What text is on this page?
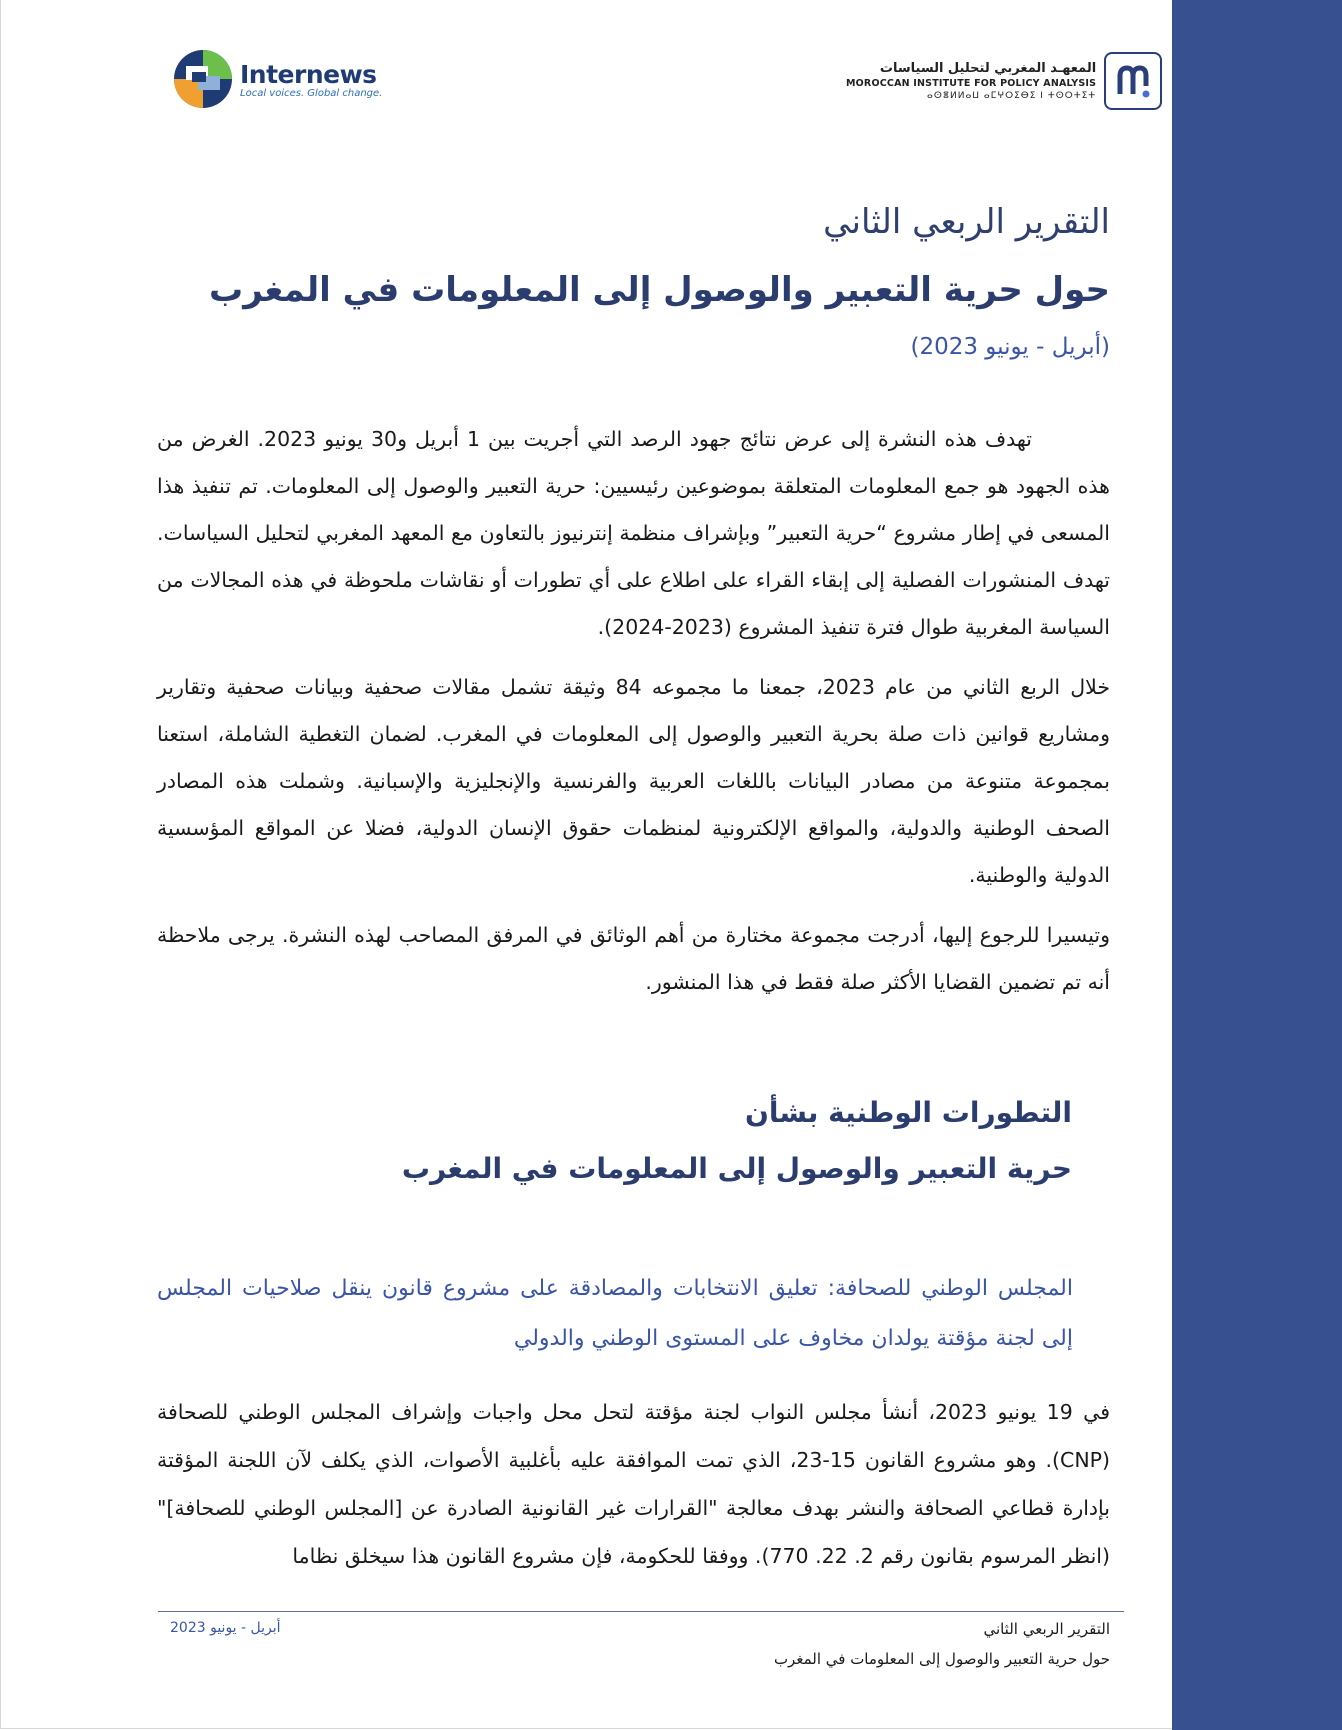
Internews
Local voices. Global change.
المعهـد المغربي لتحليل السياسات
MOROCCAN INSTITUTE FOR POLICY ANALYSIS
ⴰⵙⴻⵍⵍⴰⵡ ⴰⵎⵖⵔⵉⴱⵉ ⵏ ⵜⵙⵔⵜⵉⵜ
التقرير الربعي الثاني
حول حرية التعبير والوصول إلى المعلومات في المغرب
(أبريل - يونيو 2023)
تهدف هذه النشرة إلى عرض نتائج جهود الرصد التي أجريت بين 1 أبريل و30 يونيو 2023. الغرض من هذه الجهود هو جمع المعلومات المتعلقة بموضوعين رئيسيين: حرية التعبير والوصول إلى المعلومات. تم تنفيذ هذا المسعى في إطار مشروع “حرية التعبير” وبإشراف منظمة إنترنيوز بالتعاون مع المعهد المغربي لتحليل السياسات. تهدف المنشورات الفصلية إلى إبقاء القراء على اطلاع على أي تطورات أو نقاشات ملحوظة في هذه المجالات من السياسة المغربية طوال فترة تنفيذ المشروع (2023-2024).
خلال الربع الثاني من عام 2023، جمعنا ما مجموعه 84 وثيقة تشمل مقالات صحفية وبيانات صحفية وتقارير ومشاريع قوانين ذات صلة بحرية التعبير والوصول إلى المعلومات في المغرب. لضمان التغطية الشاملة، استعنا بمجموعة متنوعة من مصادر البيانات باللغات العربية والفرنسية والإنجليزية والإسبانية. وشملت هذه المصادر الصحف الوطنية والدولية، والمواقع الإلكترونية لمنظمات حقوق الإنسان الدولية، فضلا عن المواقع المؤسسية الدولية والوطنية.
وتيسيرا للرجوع إليها، أدرجت مجموعة مختارة من أهم الوثائق في المرفق المصاحب لهذه النشرة. يرجى ملاحظة أنه تم تضمين القضايا الأكثر صلة فقط في هذا المنشور.
التطورات الوطنية بشأن
حرية التعبير والوصول إلى المعلومات في المغرب
المجلس الوطني للصحافة: تعليق الانتخابات والمصادقة على مشروع قانون ينقل صلاحيات المجلس إلى لجنة مؤقتة يولدان مخاوف على المستوى الوطني والدولي
في 19 يونيو 2023، أنشأ مجلس النواب لجنة مؤقتة لتحل محل واجبات وإشراف المجلس الوطني للصحافة (CNP). وهو مشروع القانون 15-23، الذي تمت الموافقة عليه بأغلبية الأصوات، الذي يكلف لآن اللجنة المؤقتة بإدارة قطاعي الصحافة والنشر بهدف معالجة "القرارات غير القانونية الصادرة عن [المجلس الوطني للصحافة]" (انظر المرسوم بقانون رقم 2. 22. 770). ووفقا للحكومة، فإن مشروع القانون هذا سيخلق نظاما
أبريل - يونيو 2023	التقرير الربعي الثاني
حول حرية التعبير والوصول إلى المعلومات في المغرب
